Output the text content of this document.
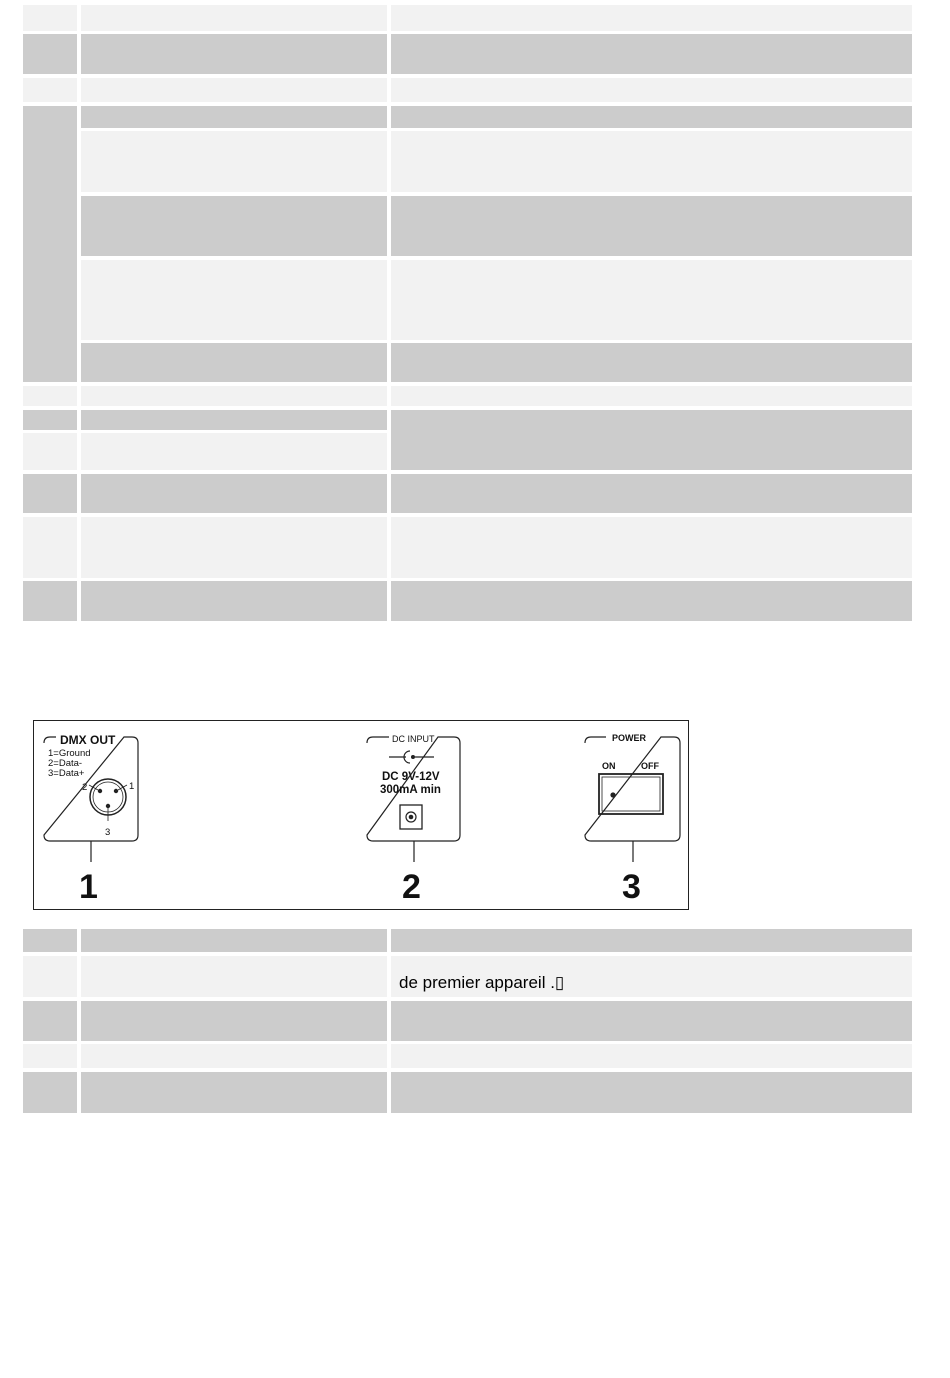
DMX OUT
1=Ground
2=Data-
3=Data+
2	1
3
DC INPUT
DC 9V-12V
300mA min
POWER
ON	OFF
1	2	3
de premier appareil .▯
